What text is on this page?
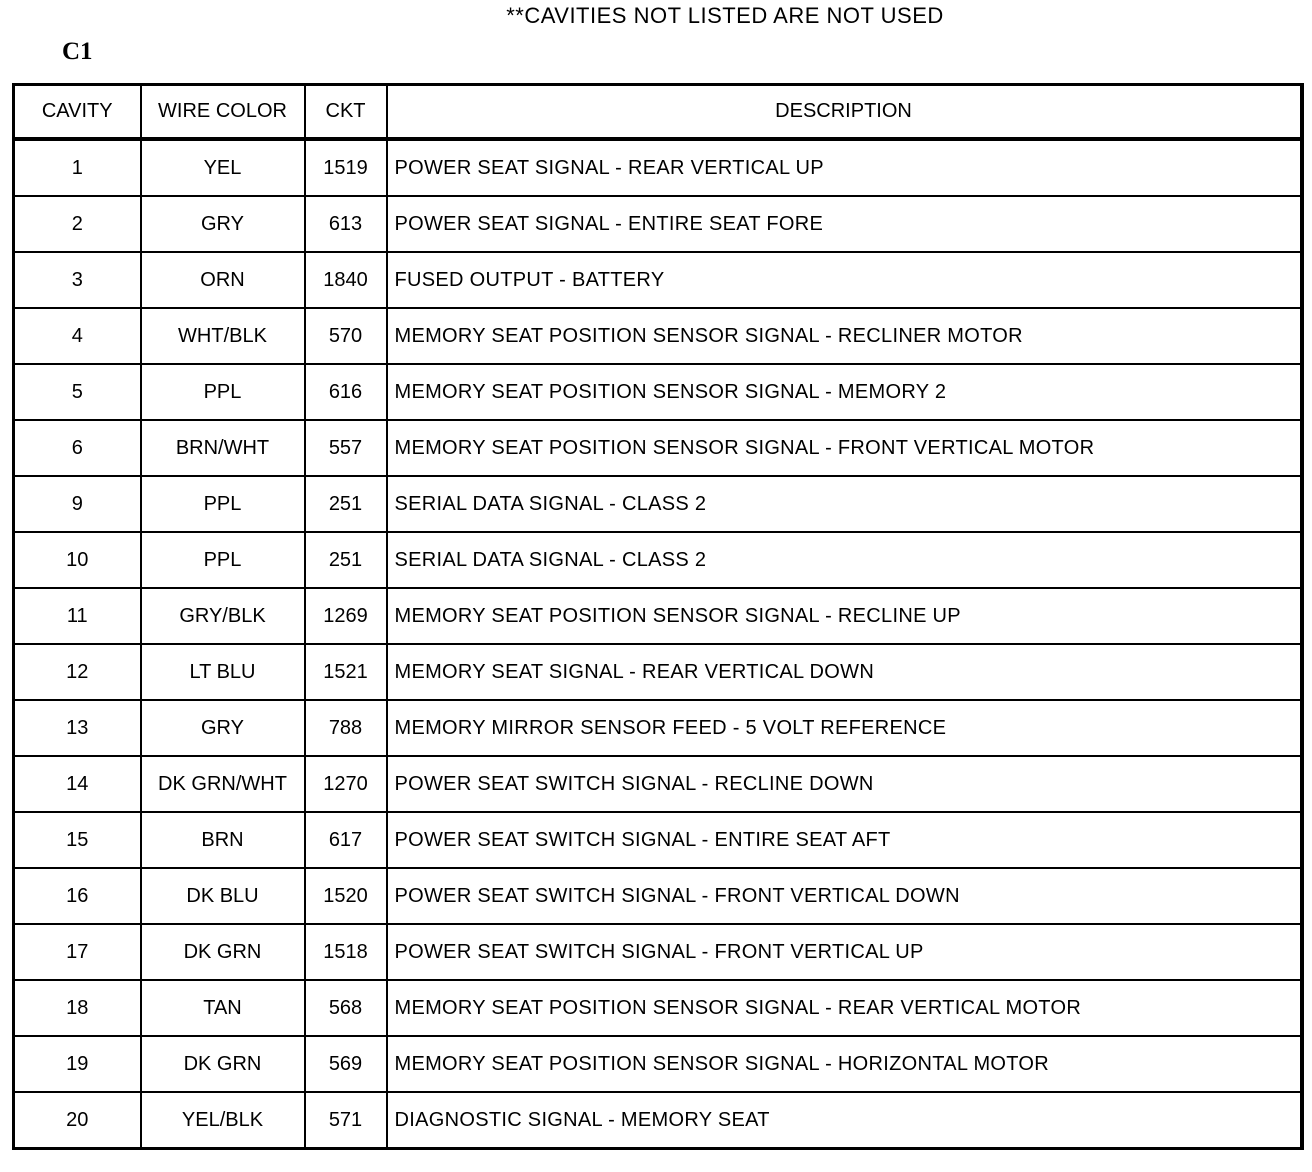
**CAVITIES NOT LISTED ARE NOT USED
C1
CAVITY	WIRE COLOR	CKT	DESCRIPTION
1	YEL	1519	POWER SEAT SIGNAL - REAR VERTICAL UP
2	GRY	613	POWER SEAT SIGNAL - ENTIRE SEAT FORE
3	ORN	1840	FUSED OUTPUT - BATTERY
4	WHT/BLK	570	MEMORY SEAT POSITION SENSOR SIGNAL - RECLINER MOTOR
5	PPL	616	MEMORY SEAT POSITION SENSOR SIGNAL - MEMORY 2
6	BRN/WHT	557	MEMORY SEAT POSITION SENSOR SIGNAL - FRONT VERTICAL MOTOR
9	PPL	251	SERIAL DATA SIGNAL - CLASS 2
10	PPL	251	SERIAL DATA SIGNAL - CLASS 2
11	GRY/BLK	1269	MEMORY SEAT POSITION SENSOR SIGNAL - RECLINE UP
12	LT BLU	1521	MEMORY SEAT SIGNAL - REAR VERTICAL DOWN
13	GRY	788	MEMORY MIRROR SENSOR FEED - 5 VOLT REFERENCE
14	DK GRN/WHT	1270	POWER SEAT SWITCH SIGNAL - RECLINE DOWN
15	BRN	617	POWER SEAT SWITCH SIGNAL - ENTIRE SEAT AFT
16	DK BLU	1520	POWER SEAT SWITCH SIGNAL - FRONT VERTICAL DOWN
17	DK GRN	1518	POWER SEAT SWITCH SIGNAL - FRONT VERTICAL UP
18	TAN	568	MEMORY SEAT POSITION SENSOR SIGNAL - REAR VERTICAL MOTOR
19	DK GRN	569	MEMORY SEAT POSITION SENSOR SIGNAL - HORIZONTAL MOTOR
20	YEL/BLK	571	DIAGNOSTIC SIGNAL - MEMORY SEAT
